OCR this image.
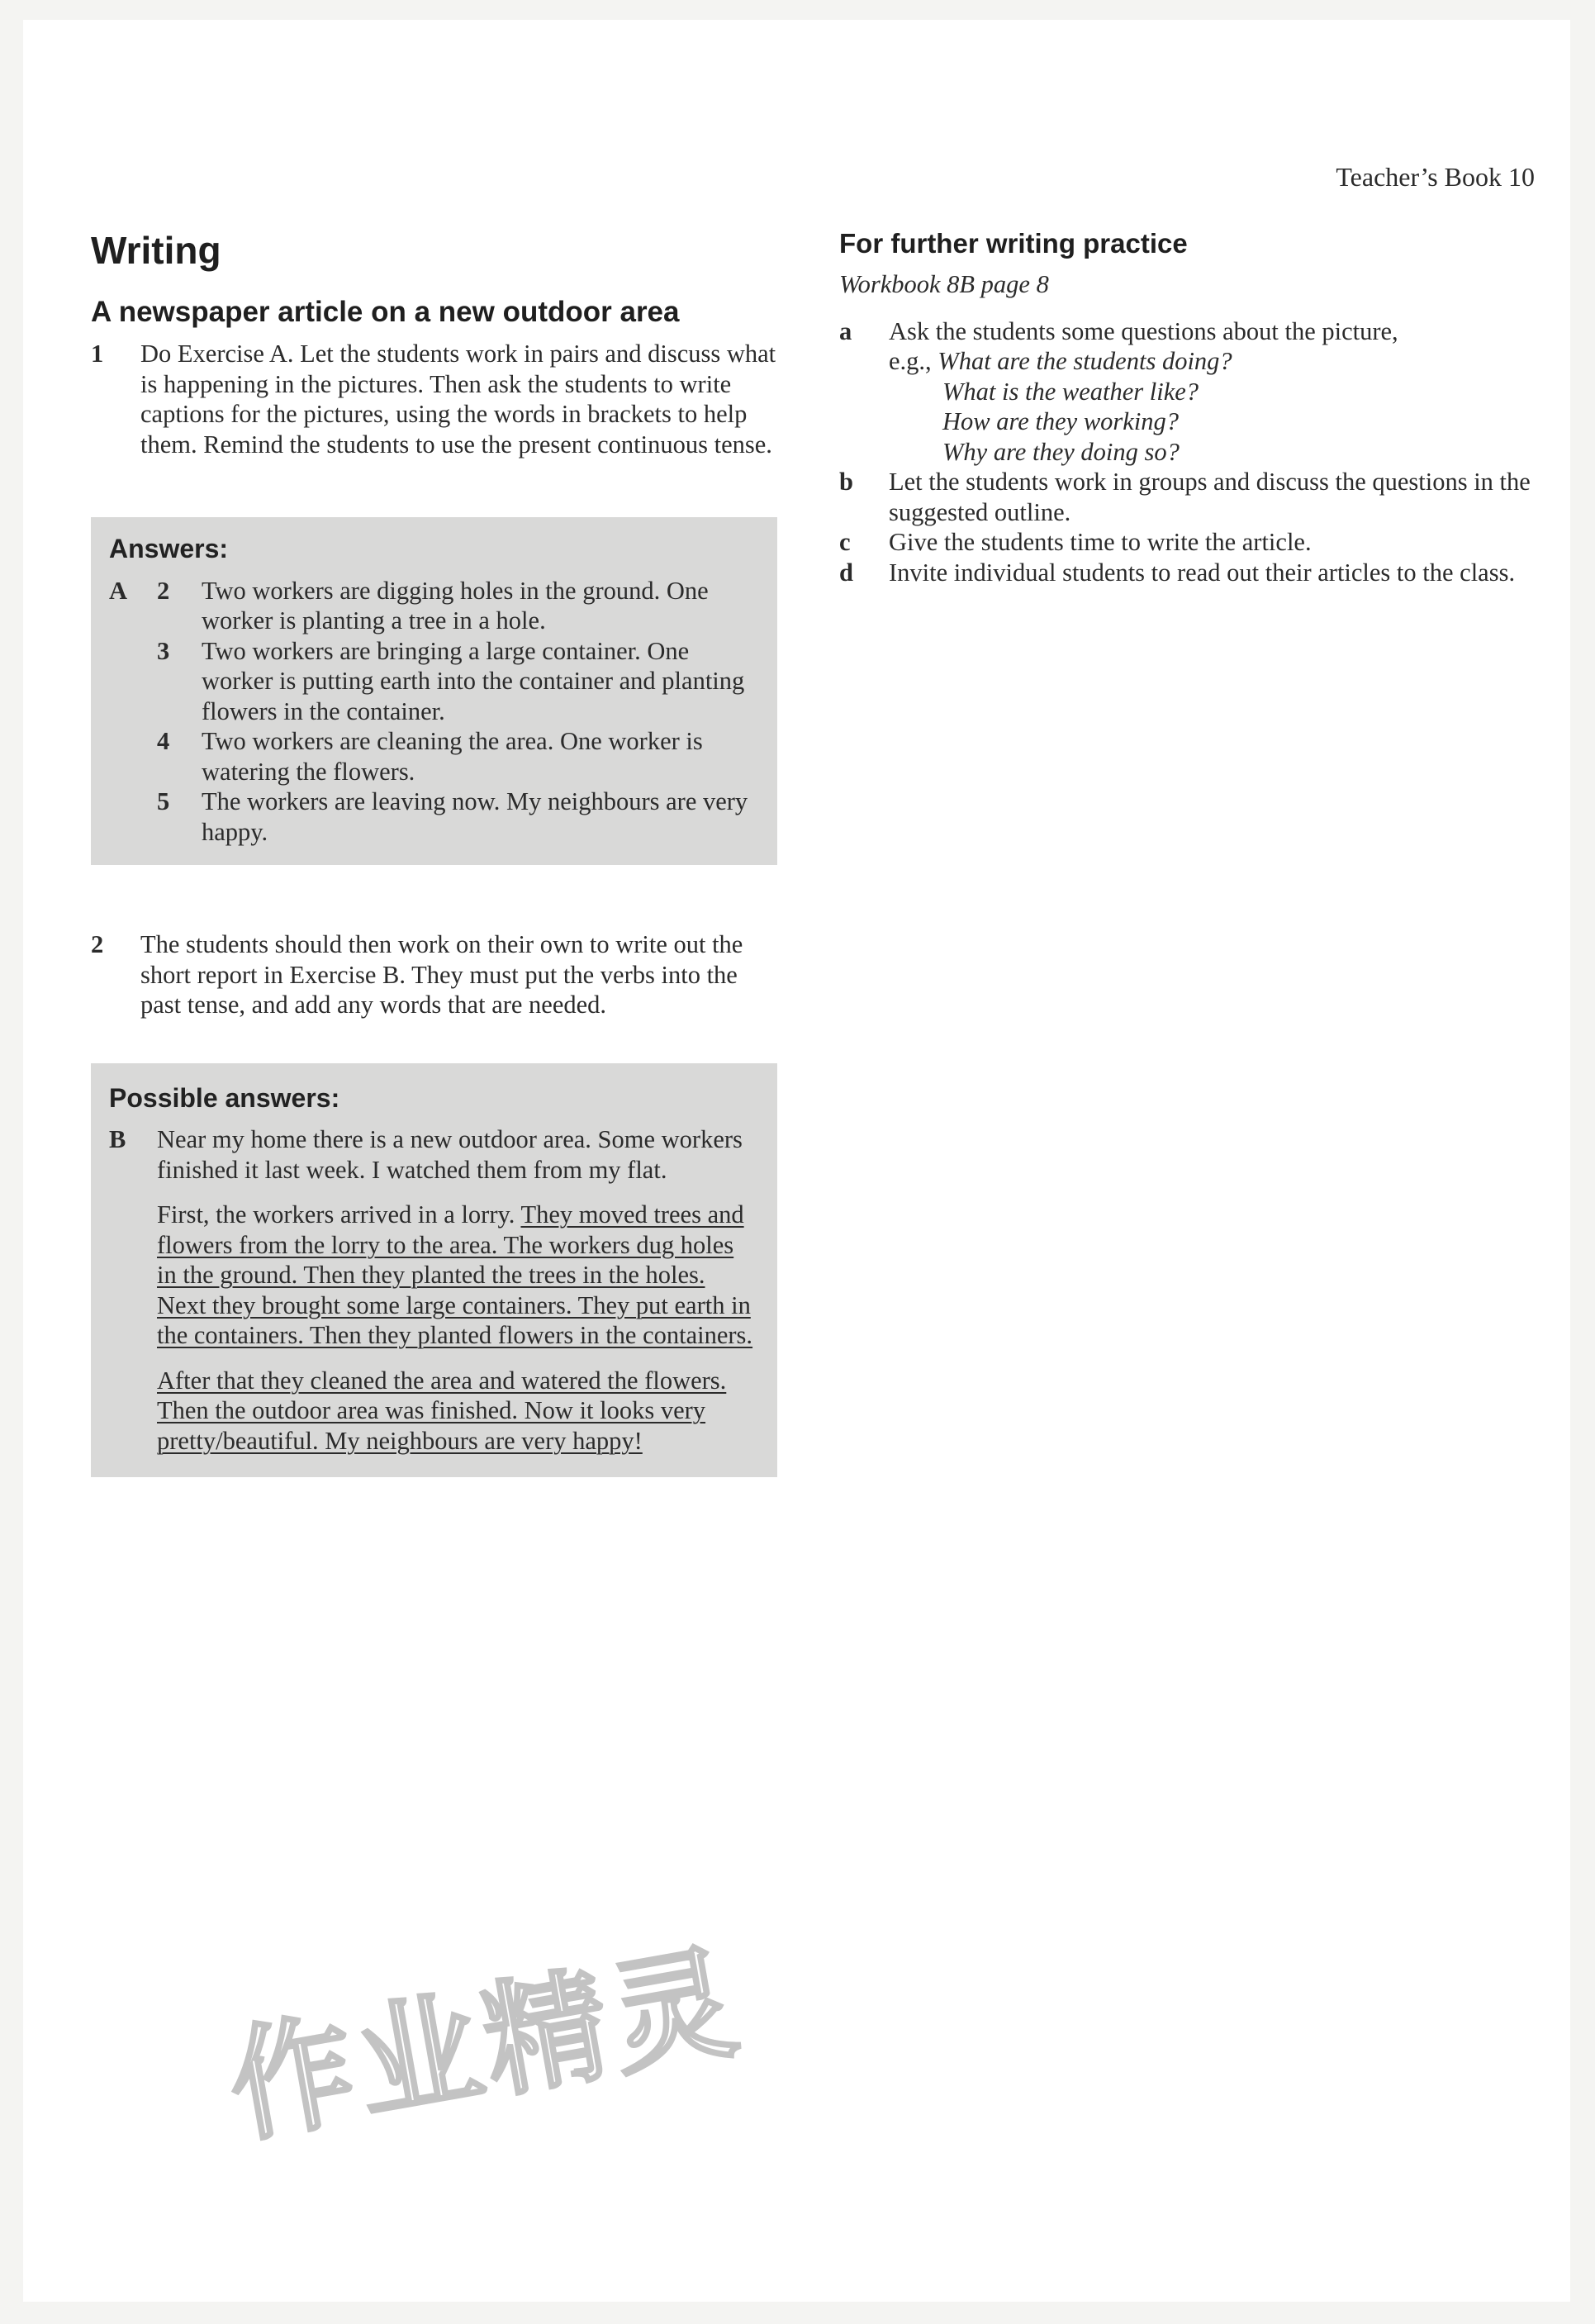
Teacher’s Book 10
Writing
A newspaper article on a new outdoor area
1	Do Exercise A. Let the students work in pairs and discuss what is happening in the pictures. Then ask the students to write captions for the pictures, using the words in brackets to help them. Remind the students to use the present continuous tense.
Answers:
A	2	Two workers are digging holes in the ground. One worker is planting a tree in a hole.
3	Two workers are bringing a large container. One worker is putting earth into the container and planting flowers in the container.
4	Two workers are cleaning the area. One worker is watering the flowers.
5	The workers are leaving now. My neighbours are very happy.
2	The students should then work on their own to write out the short report in Exercise B. They must put the verbs into the past tense, and add any words that are needed.
Possible answers:
B	Near my home there is a new outdoor area. Some workers finished it last week. I watched them from my flat.
First, the workers arrived in a lorry. They moved trees and flowers from the lorry to the area. The workers dug holes in the ground. Then they planted the trees in the holes. Next they brought some large containers. They put earth in the containers. Then they planted flowers in the containers.
After that they cleaned the area and watered the flowers. Then the outdoor area was finished. Now it looks very pretty/beautiful. My neighbours are very happy!
For further writing practice
Workbook 8B page 8
a	Ask the students some questions about the picture,
e.g., What are the students doing?
What is the weather like?
How are they working?
Why are they doing so?
b	Let the students work in groups and discuss the questions in the suggested outline.
c	Give the students time to write the article.
d	Invite individual students to read out their articles to the class.
作业精灵
